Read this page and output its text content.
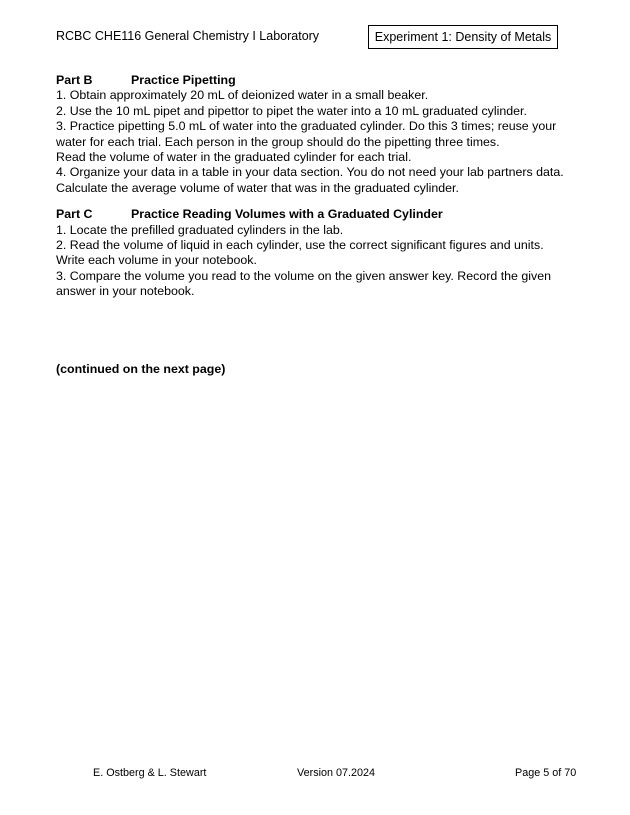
RCBC CHE116 General Chemistry I Laboratory	Experiment 1: Density of Metals
Part B	Practice Pipetting
1. Obtain approximately 20 mL of deionized water in a small beaker.
2. Use the 10 mL pipet and pipettor to pipet the water into a 10 mL graduated cylinder.
3. Practice pipetting 5.0 mL of water into the graduated cylinder. Do this 3 times; reuse your
water for each trial. Each person in the group should do the pipetting three times.
Read the volume of water in the graduated cylinder for each trial.
4. Organize your data in a table in your data section. You do not need your lab partners data.
Calculate the average volume of water that was in the graduated cylinder.
Part C	Practice Reading Volumes with a Graduated Cylinder
1. Locate the prefilled graduated cylinders in the lab.
2. Read the volume of liquid in each cylinder, use the correct significant figures and units.
Write each volume in your notebook.
3. Compare the volume you read to the volume on the given answer key. Record the given
answer in your notebook.
(continued on the next page)
E. Ostberg & L. Stewart	Version 07.2024	Page 5 of 70
